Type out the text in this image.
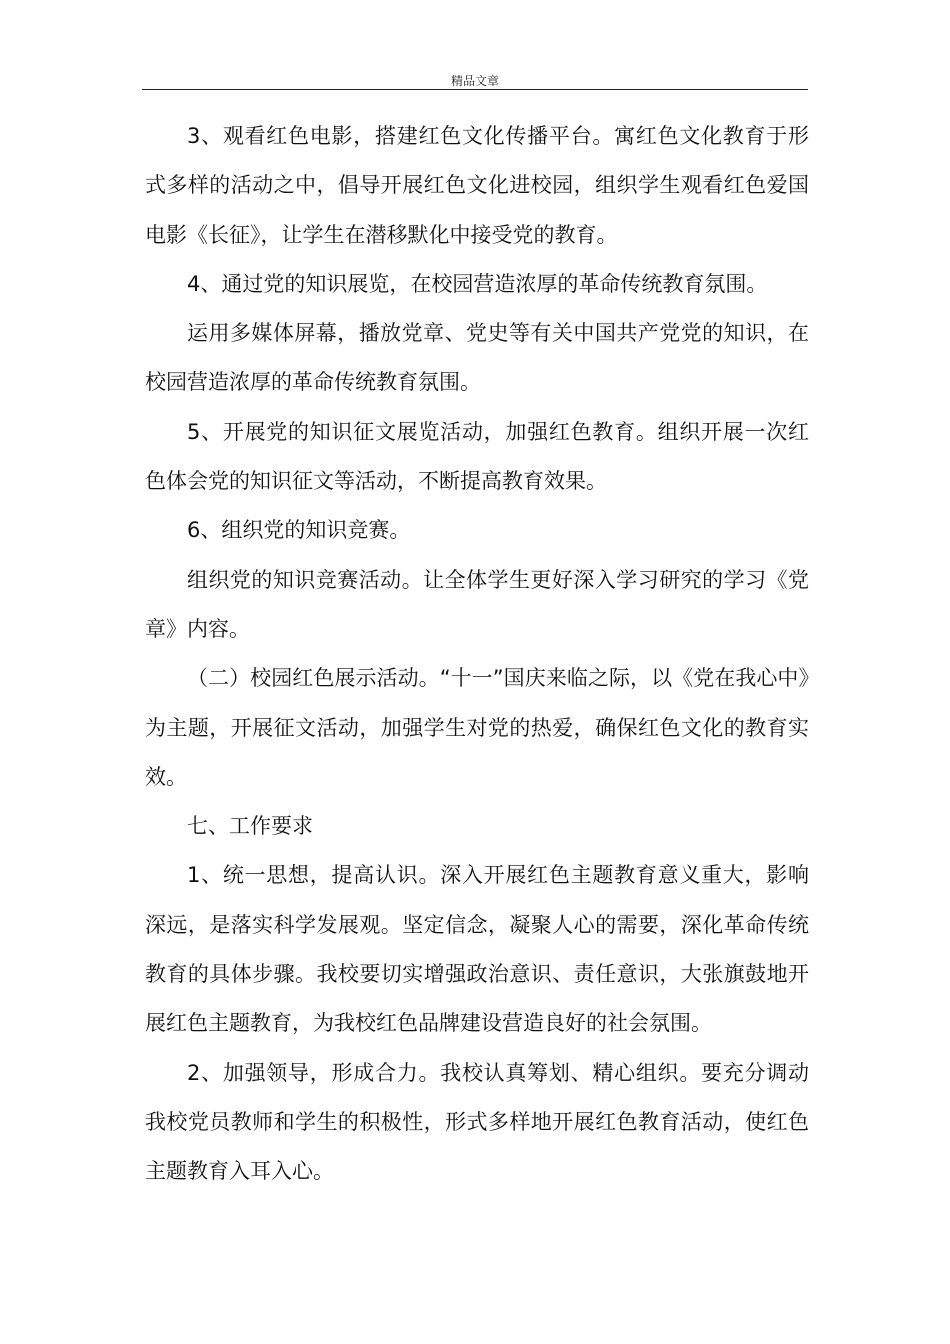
精品文章

3、观看红色电影，搭建红色文化传播平台。寓红色文化教育于形式多样的活动之中，倡导开展红色文化进校园，组织学生观看红色爱国电影《长征》，让学生在潜移默化中接受党的教育。

4、通过党的知识展览，在校园营造浓厚的革命传统教育氛围。

运用多媒体屏幕，播放党章、党史等有关中国共产党党的知识，在校园营造浓厚的革命传统教育氛围。

5、开展党的知识征文展览活动，加强红色教育。组织开展一次红色体会党的知识征文等活动，不断提高教育效果。

6、组织党的知识竞赛。

组织党的知识竞赛活动。让全体学生更好深入学习研究的学习《党章》内容。

（二）校园红色展示活动。“十一”国庆来临之际，以《党在我心中》为主题，开展征文活动，加强学生对党的热爱，确保红色文化的教育实效。

七、工作要求

1、统一思想，提高认识。深入开展红色主题教育意义重大，影响深远，是落实科学发展观。坚定信念，凝聚人心的需要，深化革命传统教育的具体步骤。我校要切实增强政治意识、责任意识，大张旗鼓地开展红色主题教育，为我校红色品牌建设营造良好的社会氛围。

2、加强领导，形成合力。我校认真筹划、精心组织。要充分调动我校党员教师和学生的积极性，形式多样地开展红色教育活动，使红色主题教育入耳入心。
